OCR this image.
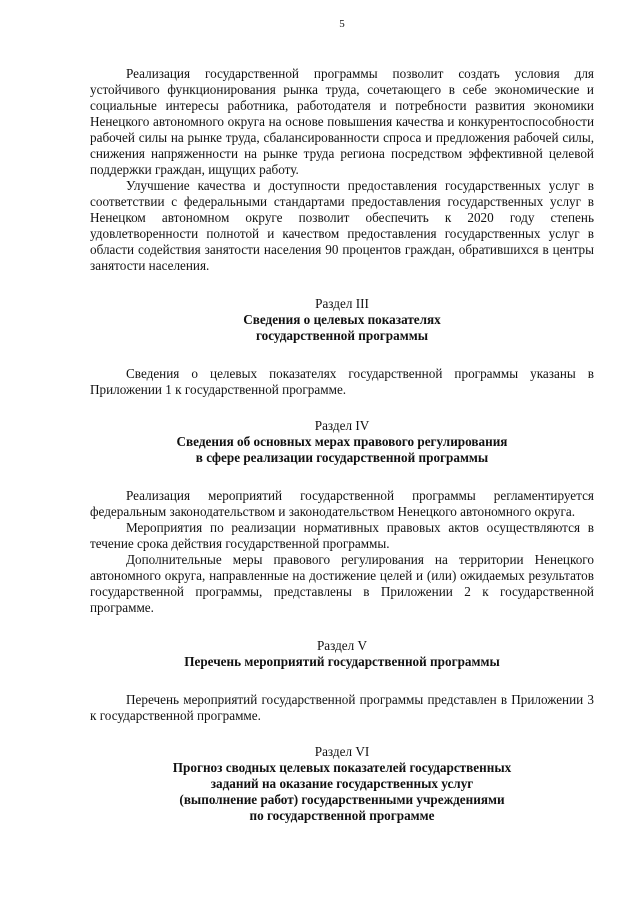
5

Реализация государственной программы позволит создать условия для устойчивого функционирования рынка труда, сочетающего в себе экономические и социальные интересы работника, работодателя и потребности развития экономики Ненецкого автономного округа на основе повышения качества и конкурентоспособности рабочей силы на рынке труда, сбалансированности спроса и предложения рабочей силы, снижения напряженности на рынке труда региона посредством эффективной целевой поддержки граждан, ищущих работу.

Улучшение качества и доступности предоставления государственных услуг в соответствии с федеральными стандартами предоставления государственных услуг в Ненецком автономном округе позволит обеспечить к 2020 году степень удовлетворенности полнотой и качеством предоставления государственных услуг в области содействия занятости населения 90 процентов граждан, обратившихся в центры занятости населения.

Раздел III
Сведения о целевых показателях
государственной программы

Сведения о целевых показателях государственной программы указаны в Приложении 1 к государственной программе.

Раздел IV
Сведения об основных мерах правового регулирования
в сфере реализации государственной программы

Реализация мероприятий государственной программы регламентируется федеральным законодательством и законодательством Ненецкого автономного округа.

Мероприятия по реализации нормативных правовых актов осуществляются в течение срока действия государственной программы.

Дополнительные меры правового регулирования на территории Ненецкого автономного округа, направленные на достижение целей и (или) ожидаемых результатов государственной программы, представлены в Приложении 2 к государственной программе.

Раздел V
Перечень мероприятий государственной программы

Перечень мероприятий государственной программы представлен в Приложении 3 к государственной программе.

Раздел VI
Прогноз сводных целевых показателей государственных
заданий на оказание государственных услуг
(выполнение работ) государственными учреждениями
по государственной программе
